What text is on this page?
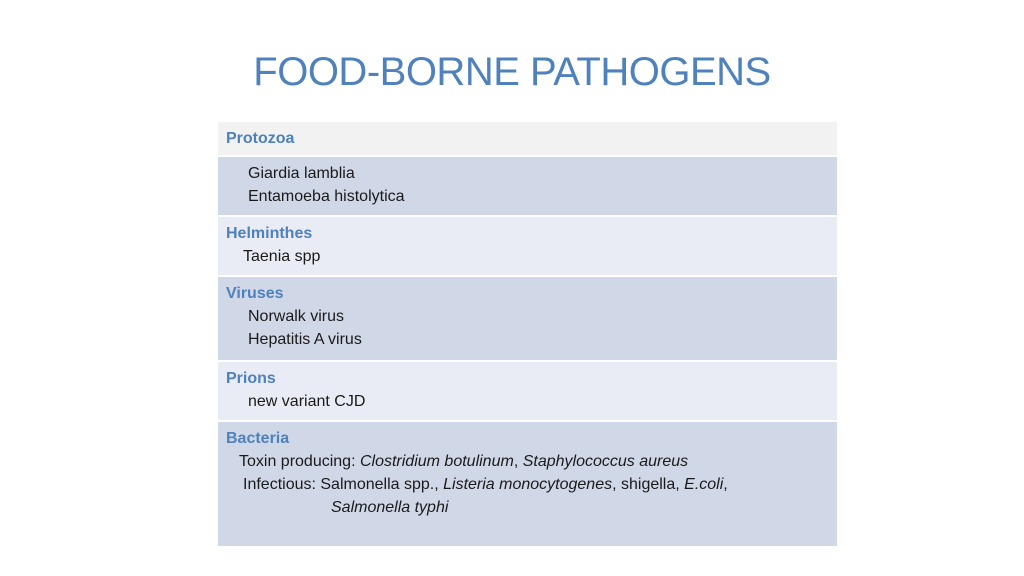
FOOD-BORNE PATHOGENS
Protozoa
Giardia lamblia
Entamoeba histolytica
Helminthes
Taenia spp
Viruses
Norwalk virus
Hepatitis A virus
Prions
new variant CJD
Bacteria
Toxin producing: Clostridium botulinum, Staphylococcus aureus
Infectious: Salmonella spp., Listeria monocytogenes, shigella, E.coli,
Salmonella typhi
